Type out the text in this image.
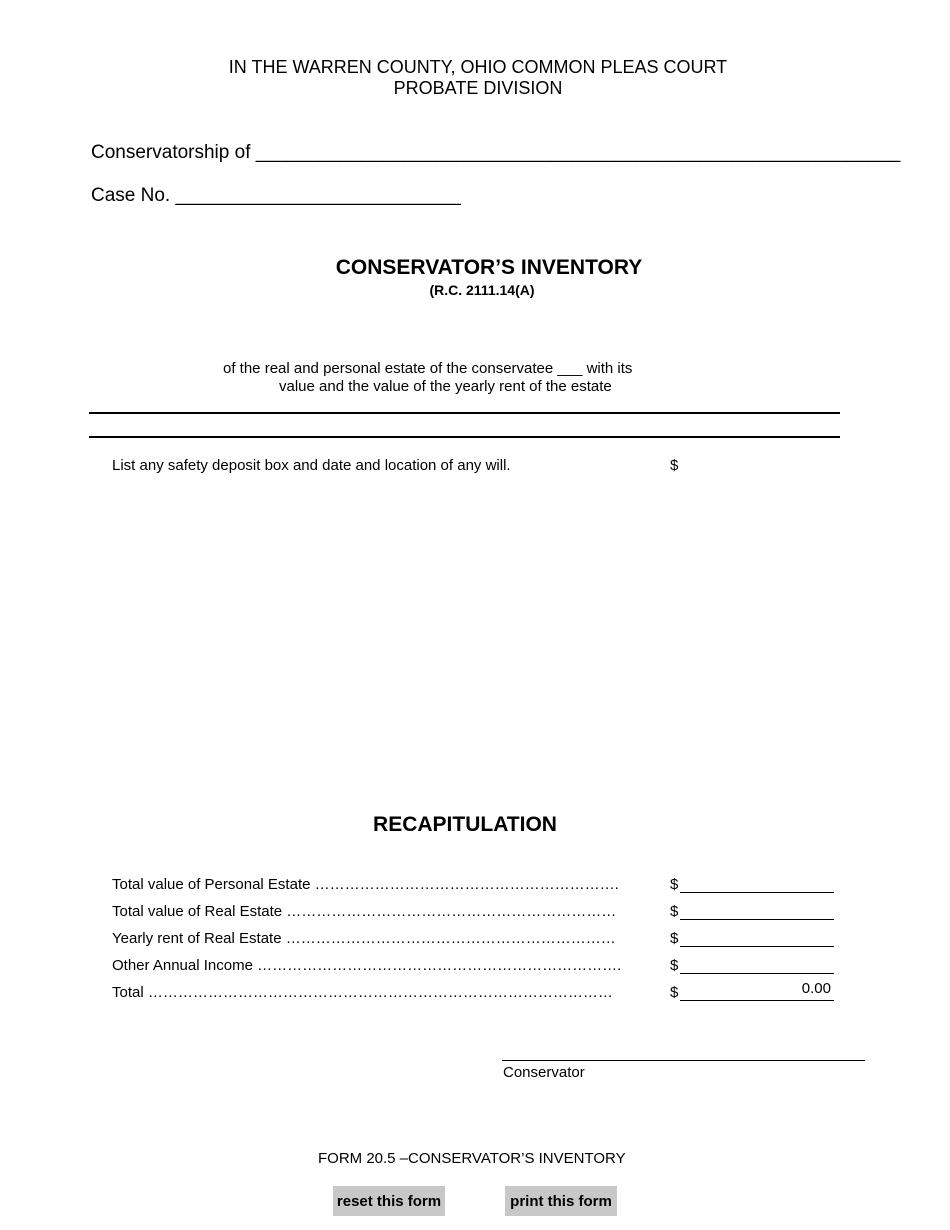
IN THE WARREN COUNTY, OHIO COMMON PLEAS COURT
PROBATE DIVISION
Conservatorship of _____________________________________________________________
Case No. ___________________________
CONSERVATOR’S INVENTORY
(R.C. 2111.14(A)
of the real and personal estate of the conservatee ___ with its
value and the value of the yearly rent of the estate
List any safety deposit box and date and location of any will.	$
RECAPITULATION
Total value of Personal Estate …………………………………………………….	$
Total value of Real Estate …………………………………………………………	$
Yearly rent of Real Estate …………………………………………………………	$
Other Annual Income ……………………………………………………………….	$
Total …………………………………………………………………………………	$	0.00
Conservator
FORM 20.5 –CONSERVATOR’S INVENTORY
reset this form	print this form
